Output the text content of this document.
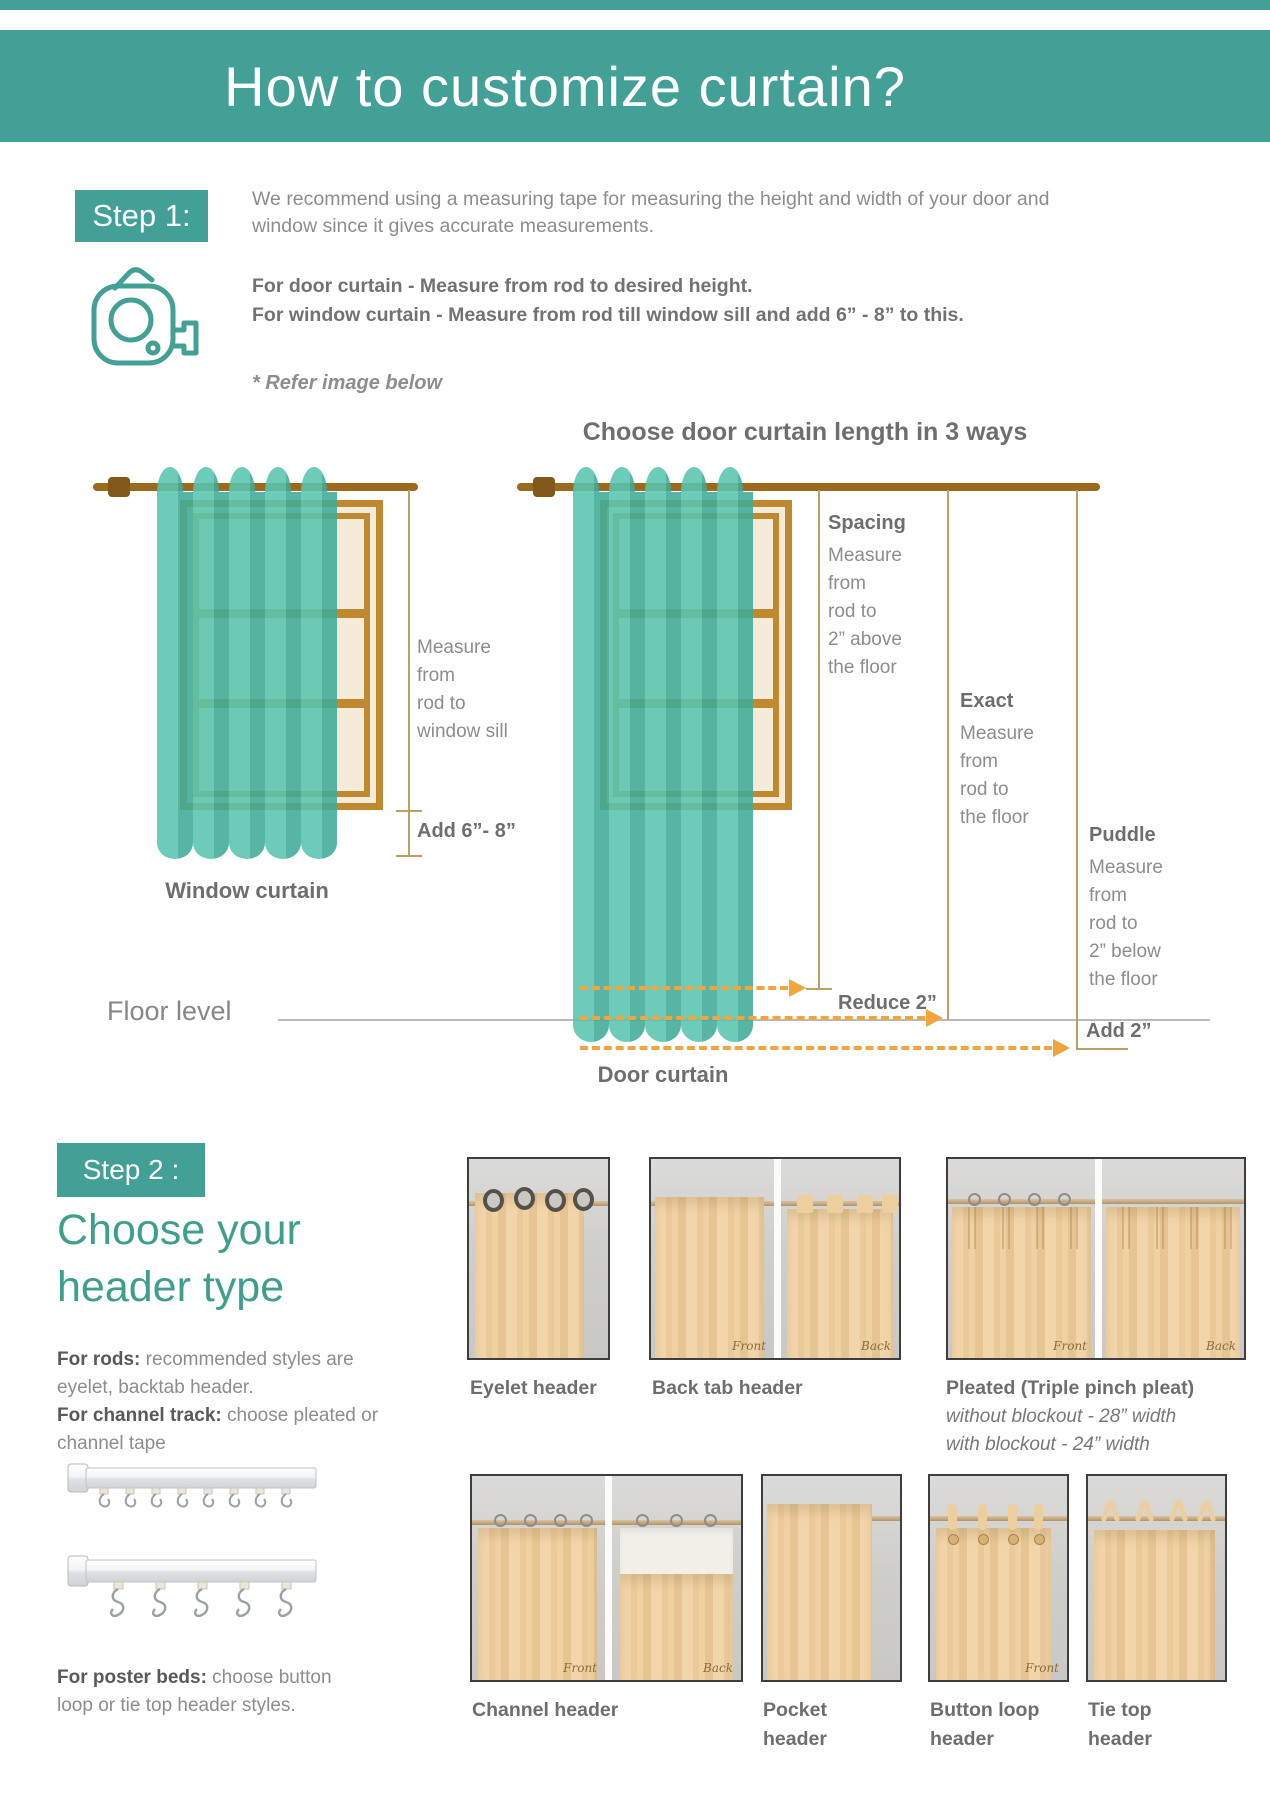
How to customize curtain?
Step 1:	We recommend using a measuring tape for measuring the height and width of your door and window since it gives accurate measurements.
For door curtain - Measure from rod to desired height.
For window curtain - Measure from rod till window sill and add 6” - 8” to this.
* Refer image below
Choose door curtain length in 3 ways
Measure
from
rod to
window sill
Add 6”- 8”
Window curtain
Floor level
Spacing
Measure
from
rod to
2” above
the floor
Exact
Measure
from
rod to
the floor
Puddle
Measure
from
rod to
2” below
the floor
Reduce 2”
Add 2”
Door curtain
Step 2 :
Choose your
header type
For rods: recommended styles are eyelet, backtab header.
For channel track: choose pleated or channel tape
For poster beds: choose button loop or tie top header styles.
Front	Back	Front	Back
Eyelet header	Back tab header	Pleated (Triple pinch pleat)
without blockout - 28” width
with blockout - 24” width
Front	Back	Front
Channel header	Pocket
header
Button loop
header
Tie top
header
